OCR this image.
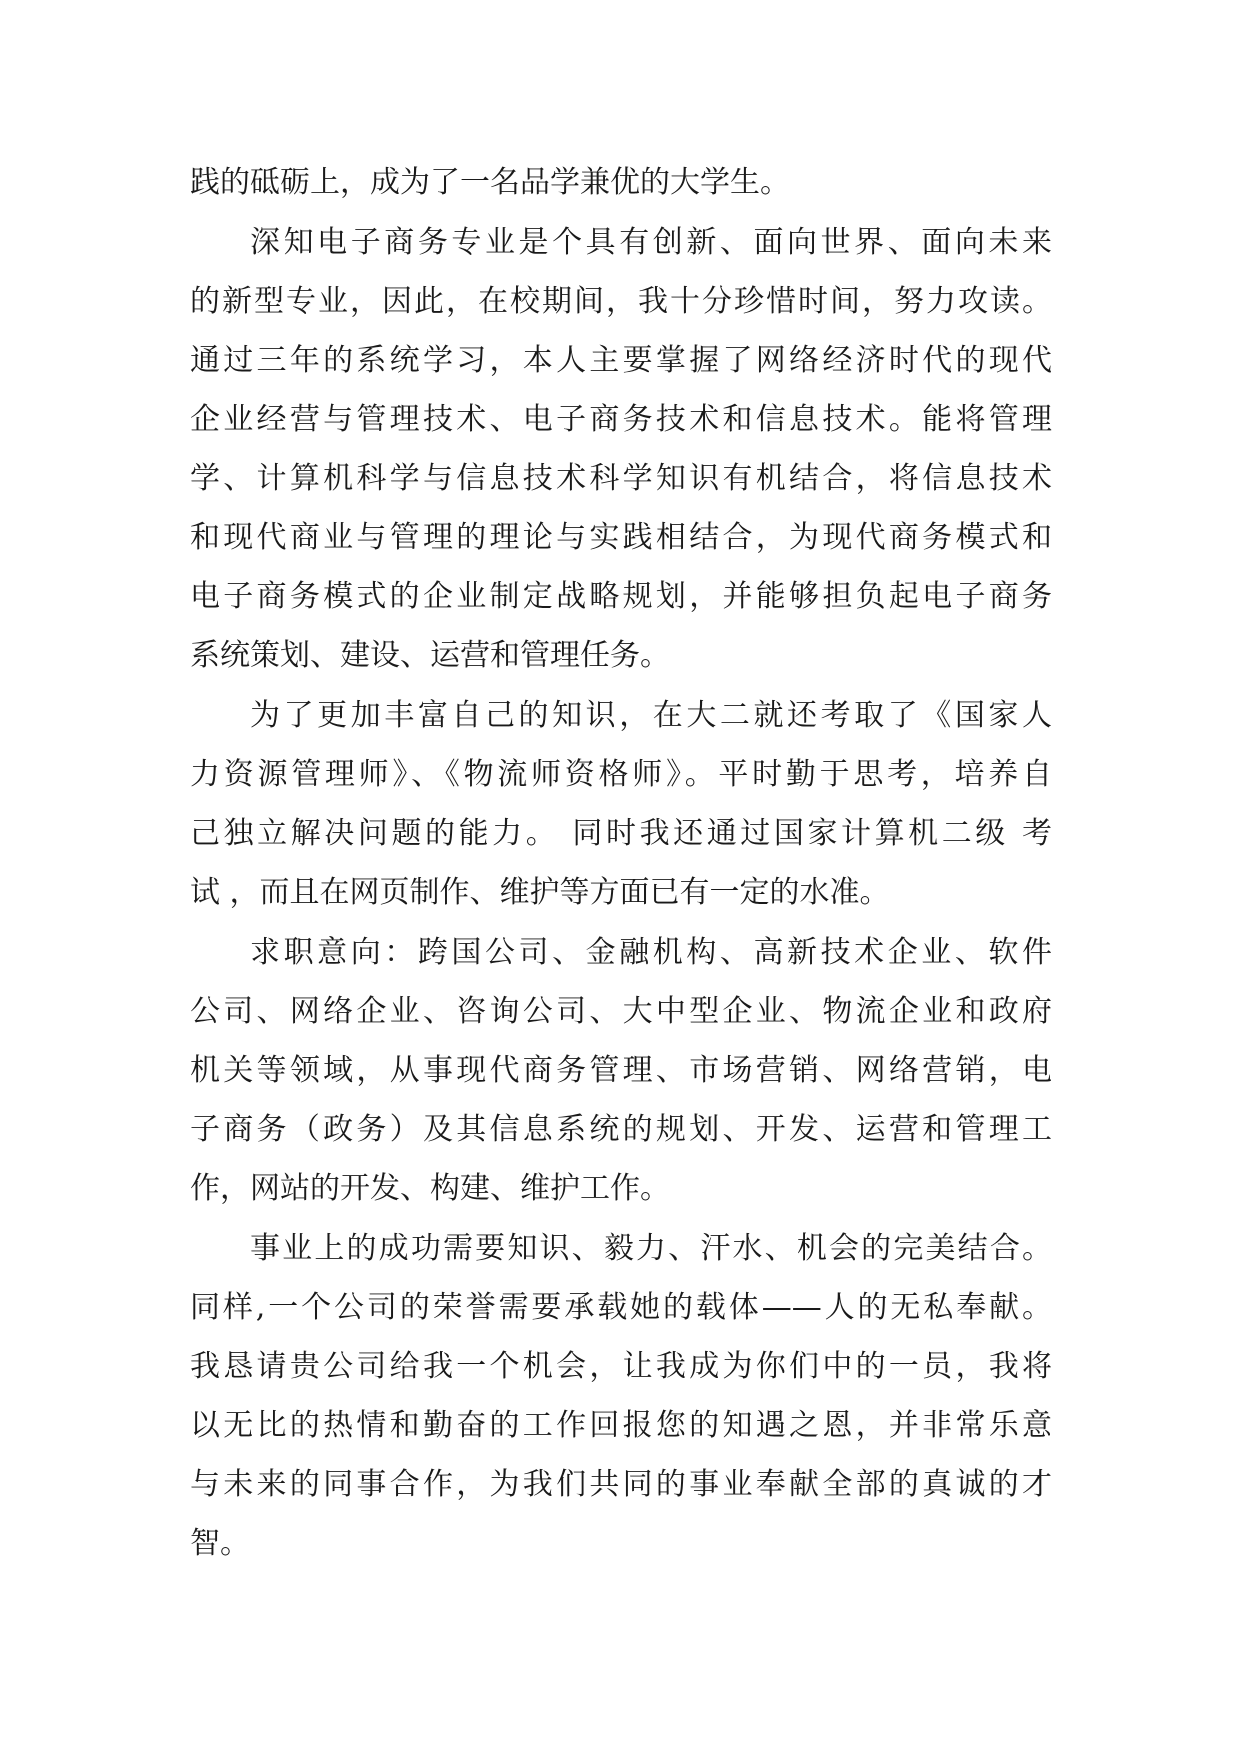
践的砥砺上，成为了一名品学兼优的大学生。

深知电子商务专业是个具有创新、面向世界、面向未来

的新型专业，因此，在校期间，我十分珍惜时间，努力攻读。

通过三年的系统学习，本人主要掌握了网络经济时代的现代

企业经营与管理技术、电子商务技术和信息技术。能将管理

学、计算机科学与信息技术科学知识有机结合，将信息技术

和现代商业与管理的理论与实践相结合，为现代商务模式和

电子商务模式的企业制定战略规划，并能够担负起电子商务

系统策划、建设、运营和管理任务。

为了更加丰富自己的知识，在大二就还考取了《国家人

力资源管理师》、《物流师资格师》。平时勤于思考，培养自

己独立解决问题的能力。 同时我还通过国家计算机二级 考

试 ，而且在网页制作、维护等方面已有一定的水准。

求职意向：跨国公司、金融机构、高新技术企业、软件

公司、网络企业、咨询公司、大中型企业、物流企业和政府

机关等领域，从事现代商务管理、市场营销、网络营销，电

子商务（政务）及其信息系统的规划、开发、运营和管理工

作，网站的开发、构建、维护工作。

事业上的成功需要知识、毅力、汗水、机会的完美结合。

同样,一个公司的荣誉需要承载她的载体——人的无私奉献。

我恳请贵公司给我一个机会，让我成为你们中的一员，我将

以无比的热情和勤奋的工作回报您的知遇之恩，并非常乐意

与未来的同事合作，为我们共同的事业奉献全部的真诚的才

智。
